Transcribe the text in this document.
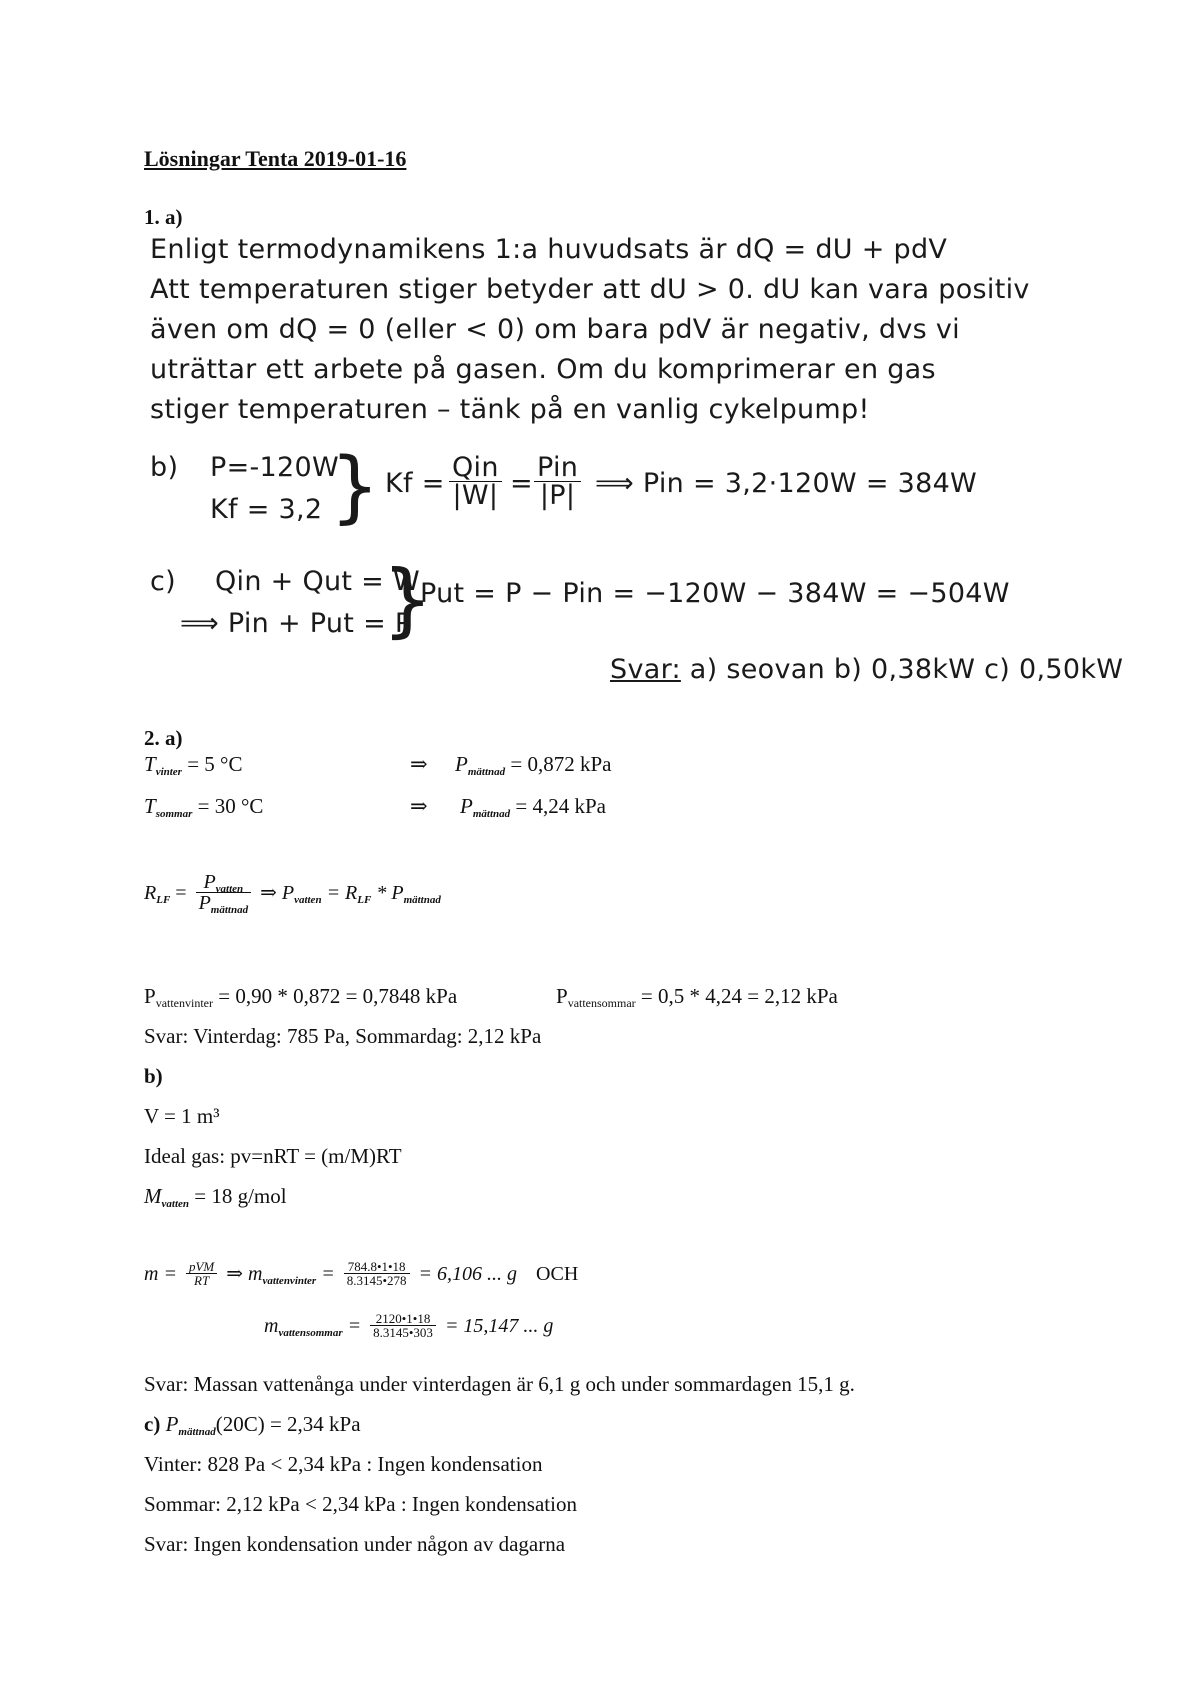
Lösningar Tenta 2019-01-16
1. a)
Enligt termodynamikens 1:a huvudsats är dQ = dU + pdV
Att temperaturen stiger betyder att dU > 0. dU kan vara positiv
även om dQ = 0 (eller < 0) om bara pdV är negativ, dvs vi
uträttar ett arbete på gasen. Om du komprimerar en gas
stiger temperaturen – tänk på en vanlig cykelpump!
b) P=-120W
Kf = 3,2 } $Kf = \frac{\text{Qin}}{|W|} = \frac{\text{Pin}}{|P|}$ ⟹ Pin = 3,2·120W = 384W
c) Qin + Qut = W
⟹ Pin + Put = P
}
Put = P − Pin = −120W − 384W = −504W
Svar: a) seovan b) 0,38kW c) 0,50kW
2. a)
Tvinter = 5 °C	⇒ Pmättnad = 0,872 kPa
Tsommar = 30 °C	⇒ Pmättnad = 4,24 kPa
$R_{LF} = \frac{P_{vatten}}{P_{mättnad}}$ ⇒ $P_{vatten} = R_{LF} * P_{mättnad}$
Pvattenvinter = 0,90 * 0,872 = 0,7848 kPa	Pvattensommar = 0,5 * 4,24 = 2,12 kPa
Svar: Vinterdag: 785 Pa, Sommardag: 2,12 kPa
b)
V = 1 m³
Ideal gas: pv=nRT = (m/M)RT
Mvatten = 18 g/mol
$m = \frac{\text{pVM}}{RT}$ ⇒ $m_{vattenvinter} = \frac{784.8•1•18}{8.3145•278} = 6,106$ ... g OCH
$m_{vattensommar} = \frac{2120•1•18}{8.3145•303} = 15,147$ ... g
Svar: Massan vattenånga under vinterdagen är 6,1 g och under sommardagen 15,1 g.
c) Pmättnad(20C) = 2,34 kPa
Vinter: 828 Pa < 2,34 kPa : Ingen kondensation
Sommar: 2,12 kPa < 2,34 kPa : Ingen kondensation
Svar: Ingen kondensation under någon av dagarna
